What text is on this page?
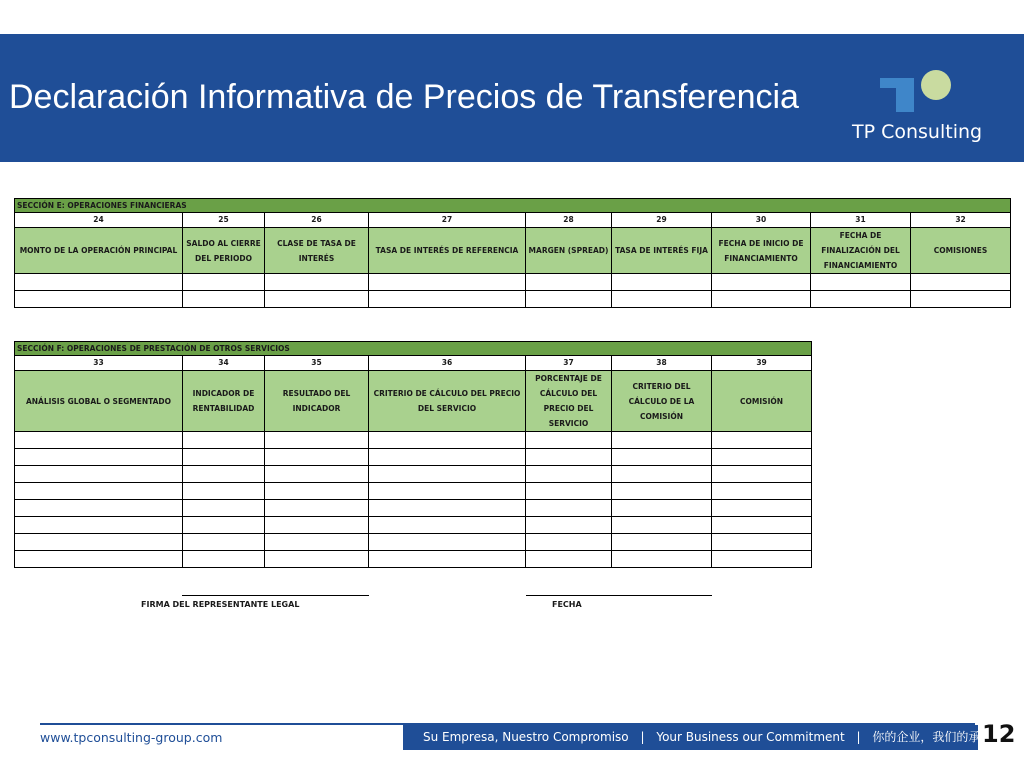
Declaración Informativa de Precios de Transferencia
TP Consulting
SECCIÓN E: OPERACIONES FINANCIERAS								
24	25	26	27	28	29	30	31	32
MONTO DE LA OPERACIÓN PRINCIPAL	SALDO AL CIERRE DEL PERIODO	CLASE DE TASA DE INTERÉS	TASA DE INTERÉS DE REFERENCIA	MARGEN (SPREAD)	TASA DE INTERÉS FIJA	FECHA DE INICIO DE FINANCIAMIENTO	FECHA DE FINALIZACIÓN DEL FINANCIAMIENTO	COMISIONES

SECCIÓN F: OPERACIONES DE PRESTACIÓN DE OTROS SERVICIOS						
33	34	35	36	37	38	39
ANÁLISIS GLOBAL O SEGMENTADO	INDICADOR DE RENTABILIDAD	RESULTADO DEL INDICADOR	CRITERIO DE CÁLCULO DEL PRECIO DEL SERVICIO	PORCENTAJE DE CÁLCULO DEL PRECIO DEL SERVICIO	CRITERIO DEL CÁLCULO DE LA COMISIÓN	COMISIÓN

FIRMA DEL REPRESENTANTE LEGAL	FECHA
www.tpconsulting-group.com	Su Empresa, Nuestro Compromiso | Your Business our Commitment | 你的企业，我们的承诺
12
